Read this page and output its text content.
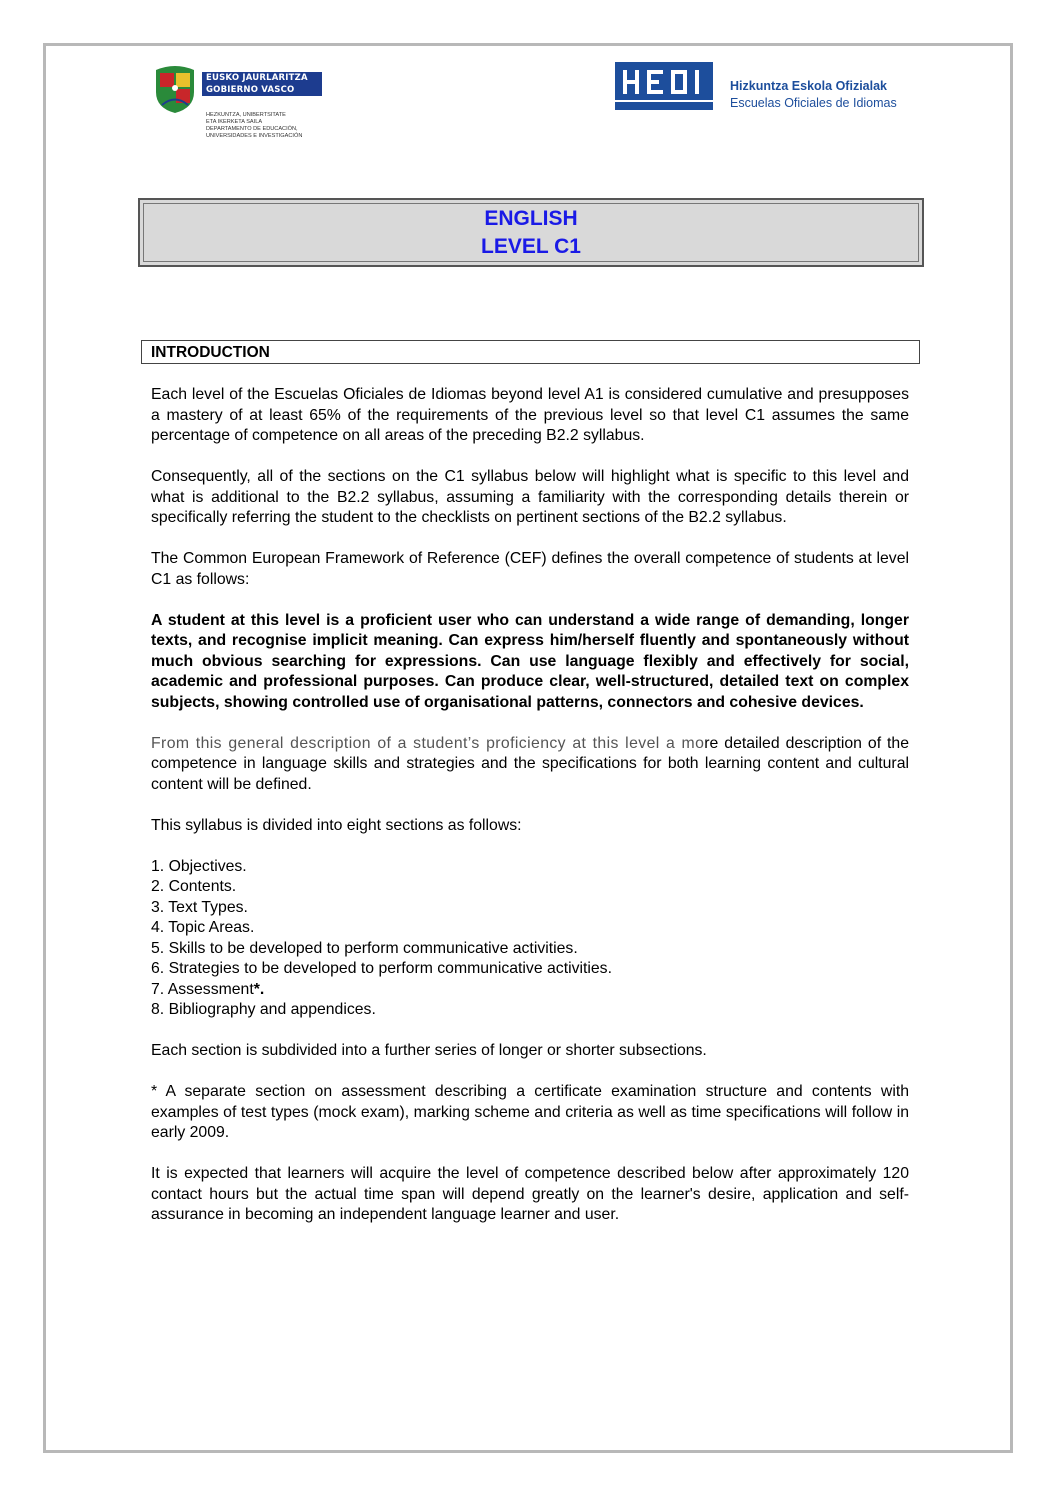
EUSKO JAURLARITZA
GOBIERNO VASCO
HEZKUNTZA, UNIBERTSITATE
ETA IKERKETA SAILA
DEPARTAMENTO DE EDUCACIÓN,
UNIVERSIDADES E INVESTIGACIÓN
Hizkuntza Eskola Ofizialak
Escuelas Oficiales de Idiomas
ENGLISH
LEVEL C1
INTRODUCTION

Each level of the Escuelas Oficiales de Idiomas beyond level A1 is considered cumulative and presupposes a mastery of at least 65% of the requirements of the previous level so that level C1 assumes the same percentage of competence on all areas of the preceding B2.2 syllabus.

Consequently, all of the sections on the C1 syllabus below will highlight what is specific to this level and what is additional to the B2.2 syllabus, assuming a familiarity with the corresponding details therein or specifically referring the student to the checklists on pertinent sections of the B2.2 syllabus.

The Common European Framework of Reference (CEF) defines the overall competence of students at level C1 as follows:

A student at this level is a proficient user who can understand a wide range of demanding, longer texts, and recognise implicit meaning. Can express him/herself fluently and spontaneously without much obvious searching for expressions. Can use language flexibly and effectively for social, academic and professional purposes. Can produce clear, well-structured, detailed text on complex subjects, showing controlled use of organisational patterns, connectors and cohesive devices.

From this general description of a student’s proficiency at this level a more detailed description of the competence in language skills and strategies and the specifications for both learning content and cultural content will be defined.

This syllabus is divided into eight sections as follows:

1. Objectives.
2. Contents.
3. Text Types.
4. Topic Areas.
5. Skills to be developed to perform communicative activities.
6. Strategies to be developed to perform communicative activities.
7. Assessment*.
8. Bibliography and appendices.

Each section is subdivided into a further series of longer or shorter subsections.

* A separate section on assessment describing a certificate examination structure and contents with examples of test types (mock exam), marking scheme and criteria as well as time specifications will follow in early 2009.

It is expected that learners will acquire the level of competence described below after approximately 120 contact hours but the actual time span will depend greatly on the learner's desire, application and self-assurance in becoming an independent language learner and user.
